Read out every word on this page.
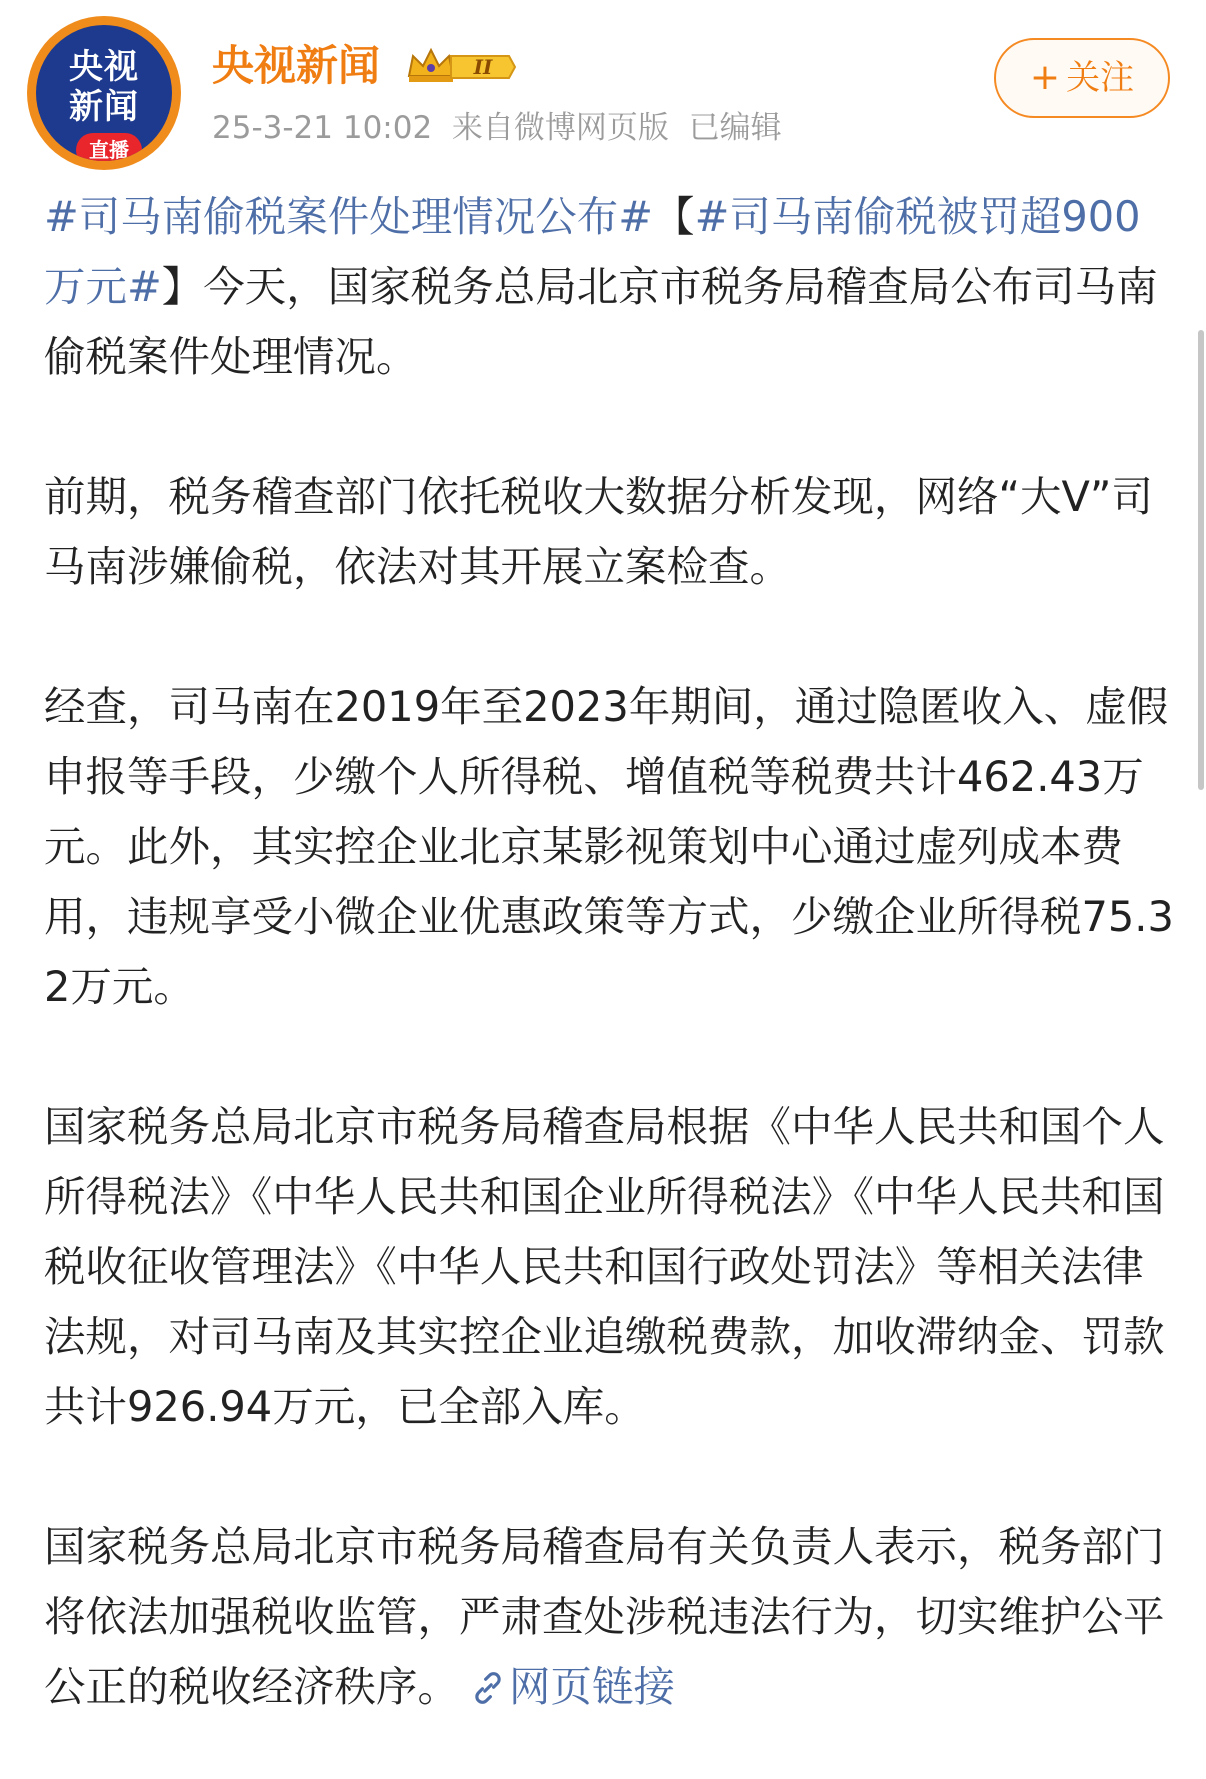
央视
新闻
直播
央视新闻	II
25-3-21 10:02  来自微博网页版  已编辑
+ 关注

#司马南偷税案件处理情况公布#【#司马南偷税被罚超900万元#】今天，国家税务总局北京市税务局稽查局公布司马南偷税案件处理情况。

前期，税务稽查部门依托税收大数据分析发现，网络“大V”司马南涉嫌偷税，依法对其开展立案检查。

经查，司马南在2019年至2023年期间，通过隐匿收入、虚假申报等手段，少缴个人所得税、增值税等税费共计462.43万元。此外，其实控企业北京某影视策划中心通过虚列成本费用，违规享受小微企业优惠政策等方式，少缴企业所得税75.32万元。

国家税务总局北京市税务局稽查局根据《中华人民共和国个人所得税法》《中华人民共和国企业所得税法》《中华人民共和国税收征收管理法》《中华人民共和国行政处罚法》等相关法律法规，对司马南及其实控企业追缴税费款，加收滞纳金、罚款共计926.94万元，已全部入库。

国家税务总局北京市税务局稽查局有关负责人表示，税务部门将依法加强税收监管，严肃查处涉税违法行为，切实维护公平公正的税收经济秩序。 网页链接
